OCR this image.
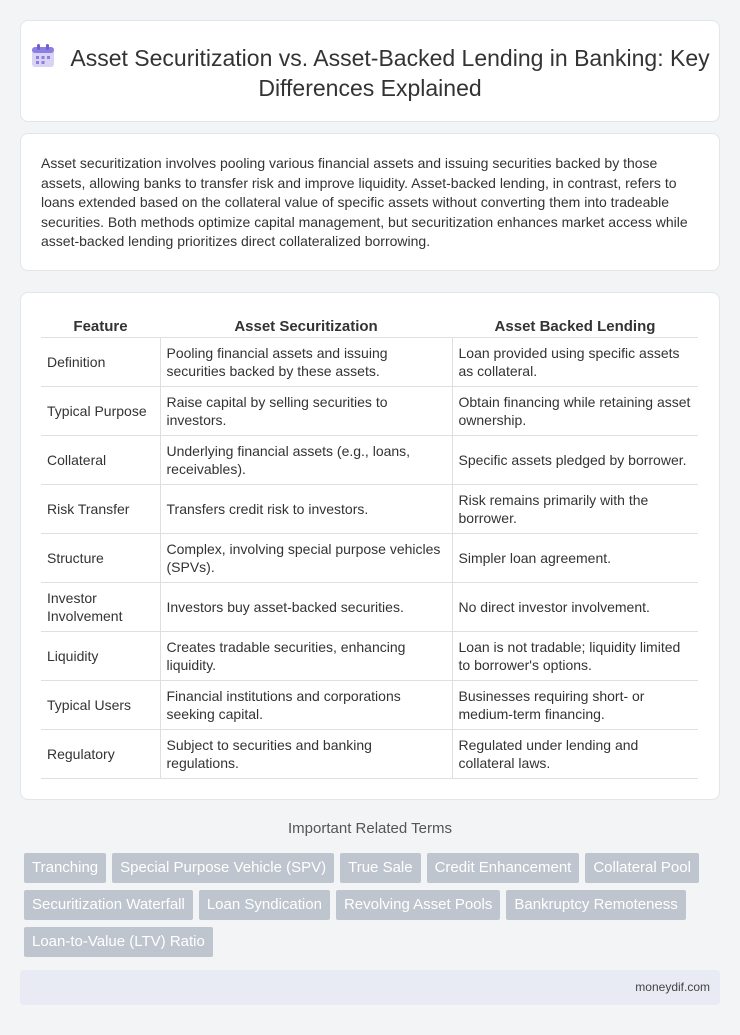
Asset Securitization vs. Asset-Backed Lending in Banking: Key Differences Explained

Asset securitization involves pooling various financial assets and issuing securities backed by those assets, allowing banks to transfer risk and improve liquidity. Asset-backed lending, in contrast, refers to loans extended based on the collateral value of specific assets without converting them into tradeable securities. Both methods optimize capital management, but securitization enhances market access while asset-backed lending prioritizes direct collateralized borrowing.

Feature	Asset Securitization	Asset Backed Lending
Definition	Pooling financial assets and issuing securities backed by these assets.	Loan provided using specific assets as collateral.
Typical Purpose	Raise capital by selling securities to investors.	Obtain financing while retaining asset ownership.
Collateral	Underlying financial assets (e.g., loans, receivables).	Specific assets pledged by borrower.
Risk Transfer	Transfers credit risk to investors.	Risk remains primarily with the borrower.
Structure	Complex, involving special purpose vehicles (SPVs).	Simpler loan agreement.
Investor Involvement	Investors buy asset-backed securities.	No direct investor involvement.
Liquidity	Creates tradable securities, enhancing liquidity.	Loan is not tradable; liquidity limited to borrower's options.
Typical Users	Financial institutions and corporations seeking capital.	Businesses requiring short- or medium-term financing.
Regulatory	Subject to securities and banking regulations.	Regulated under lending and collateral laws.
Important Related Terms
Tranching	Special Purpose Vehicle (SPV)	True Sale	Credit Enhancement	Collateral Pool
Securitization Waterfall	Loan Syndication	Revolving Asset Pools	Bankruptcy Remoteness
Loan-to-Value (LTV) Ratio
moneydif.com
